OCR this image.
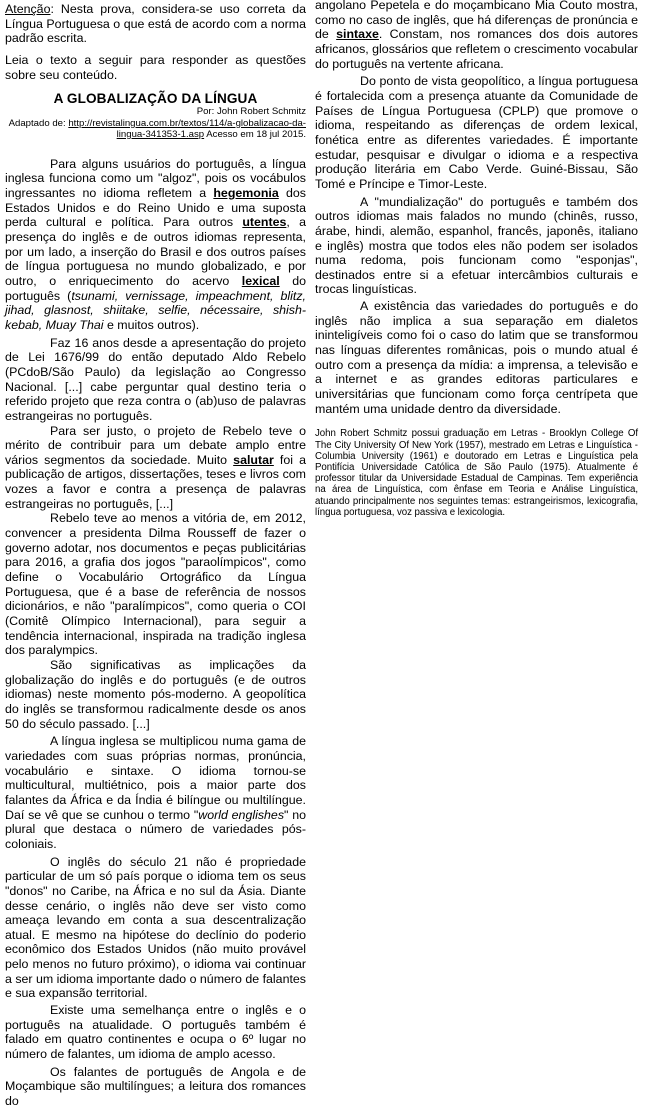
Atenção: Nesta prova, considera-se uso correta da Língua Portuguesa o que está de acordo com a norma padrão escrita.

Leia o texto a seguir para responder as questões sobre seu conteúdo.

A GLOBALIZAÇÃO DA LÍNGUA
Por: John Robert Schmitz
Adaptado de: http://revistalingua.com.br/textos/114/a-globalizacao-da-lingua-341353-1.asp Acesso em 18 jul 2015.

Para alguns usuários do português, a língua inglesa funciona como um "algoz", pois os vocábulos ingressantes no idioma refletem a hegemonia dos Estados Unidos e do Reino Unido e uma suposta perda cultural e política. Para outros utentes, a presença do inglês e de outros idiomas representa, por um lado, a inserção do Brasil e dos outros países de língua portuguesa no mundo globalizado, e por outro, o enriquecimento do acervo lexical do português (tsunami, vernissage, impeachment, blitz, jihad, glasnost, shiitake, selfie, nécessaire, shish-kebab, Muay Thai e muitos outros).

Faz 16 anos desde a apresentação do projeto de Lei 1676/99 do então deputado Aldo Rebelo (PCdoB/São Paulo) da legislação ao Congresso Nacional. [...] cabe perguntar qual destino teria o referido projeto que reza contra o (ab)uso de palavras estrangeiras no português.

Para ser justo, o projeto de Rebelo teve o mérito de contribuir para um debate amplo entre vários segmentos da sociedade. Muito salutar foi a publicação de artigos, dissertações, teses e livros com vozes a favor e contra a presença de palavras estrangeiras no português, [...]

Rebelo teve ao menos a vitória de, em 2012, convencer a presidenta Dilma Rousseff de fazer o governo adotar, nos documentos e peças publicitárias para 2016, a grafia dos jogos "paraolímpicos", como define o Vocabulário Ortográfico da Língua Portuguesa, que é a base de referência de nossos dicionários, e não "paralímpicos", como queria o COI (Comitê Olímpico Internacional), para seguir a tendência internacional, inspirada na tradição inglesa dos paralympics.

São significativas as implicações da globalização do inglês e do português (e de outros idiomas) neste momento pós-moderno. A geopolítica do inglês se transformou radicalmente desde os anos 50 do século passado. [...]

A língua inglesa se multiplicou numa gama de variedades com suas próprias normas, pronúncia, vocabulário e sintaxe. O idioma tornou-se multicultural, multiétnico, pois a maior parte dos falantes da África e da Índia é bilíngue ou multilíngue. Daí se vê que se cunhou o termo "world englishes" no plural que destaca o número de variedades pós-coloniais.

O inglês do século 21 não é propriedade particular de um só país porque o idioma tem os seus "donos" no Caribe, na África e no sul da Ásia. Diante desse cenário, o inglês não deve ser visto como ameaça levando em conta a sua descentralização atual. E mesmo na hipótese do declínio do poderio econômico dos Estados Unidos (não muito provável pelo menos no futuro próximo), o idioma vai continuar a ser um idioma importante dado o número de falantes e sua expansão territorial.

Existe uma semelhança entre o inglês e o português na atualidade. O português também é falado em quatro continentes e ocupa o 6º lugar no número de falantes, um idioma de amplo acesso.

Os falantes de português de Angola e de Moçambique são multilíngues; a leitura dos romances do

angolano Pepetela e do moçambicano Mia Couto mostra, como no caso de inglês, que há diferenças de pronúncia e de sintaxe. Constam, nos romances dos dois autores africanos, glossários que refletem o crescimento vocabular do português na vertente africana.

Do ponto de vista geopolítico, a língua portuguesa é fortalecida com a presença atuante da Comunidade de Países de Língua Portuguesa (CPLP) que promove o idioma, respeitando as diferenças de ordem lexical, fonética entre as diferentes variedades. É importante estudar, pesquisar e divulgar o idioma e a respectiva produção literária em Cabo Verde. Guiné-Bissau, São Tomé e Príncipe e Timor-Leste.

A "mundialização" do português e também dos outros idiomas mais falados no mundo (chinês, russo, árabe, hindi, alemão, espanhol, francês, japonês, italiano e inglês) mostra que todos eles não podem ser isolados numa redoma, pois funcionam como "esponjas", destinados entre si a efetuar intercâmbios culturais e trocas linguísticas.

A existência das variedades do português e do inglês não implica a sua separação em dialetos ininteligíveis como foi o caso do latim que se transformou nas línguas diferentes românicas, pois o mundo atual é outro com a presença da mídia: a imprensa, a televisão e a internet e as grandes editoras particulares e universitárias que funcionam como força centrípeta que mantém uma unidade dentro da diversidade.

John Robert Schmitz possui graduação em Letras - Brooklyn College Of The City University Of New York (1957), mestrado em Letras e Linguística - Columbia University (1961) e doutorado em Letras e Linguística pela Pontifícia Universidade Católica de São Paulo (1975). Atualmente é professor titular da Universidade Estadual de Campinas. Tem experiência na área de Linguística, com ênfase em Teoria e Análise Linguística, atuando principalmente nos seguintes temas: estrangeirismos, lexicografia, língua portuguesa, voz passiva e lexicologia.
